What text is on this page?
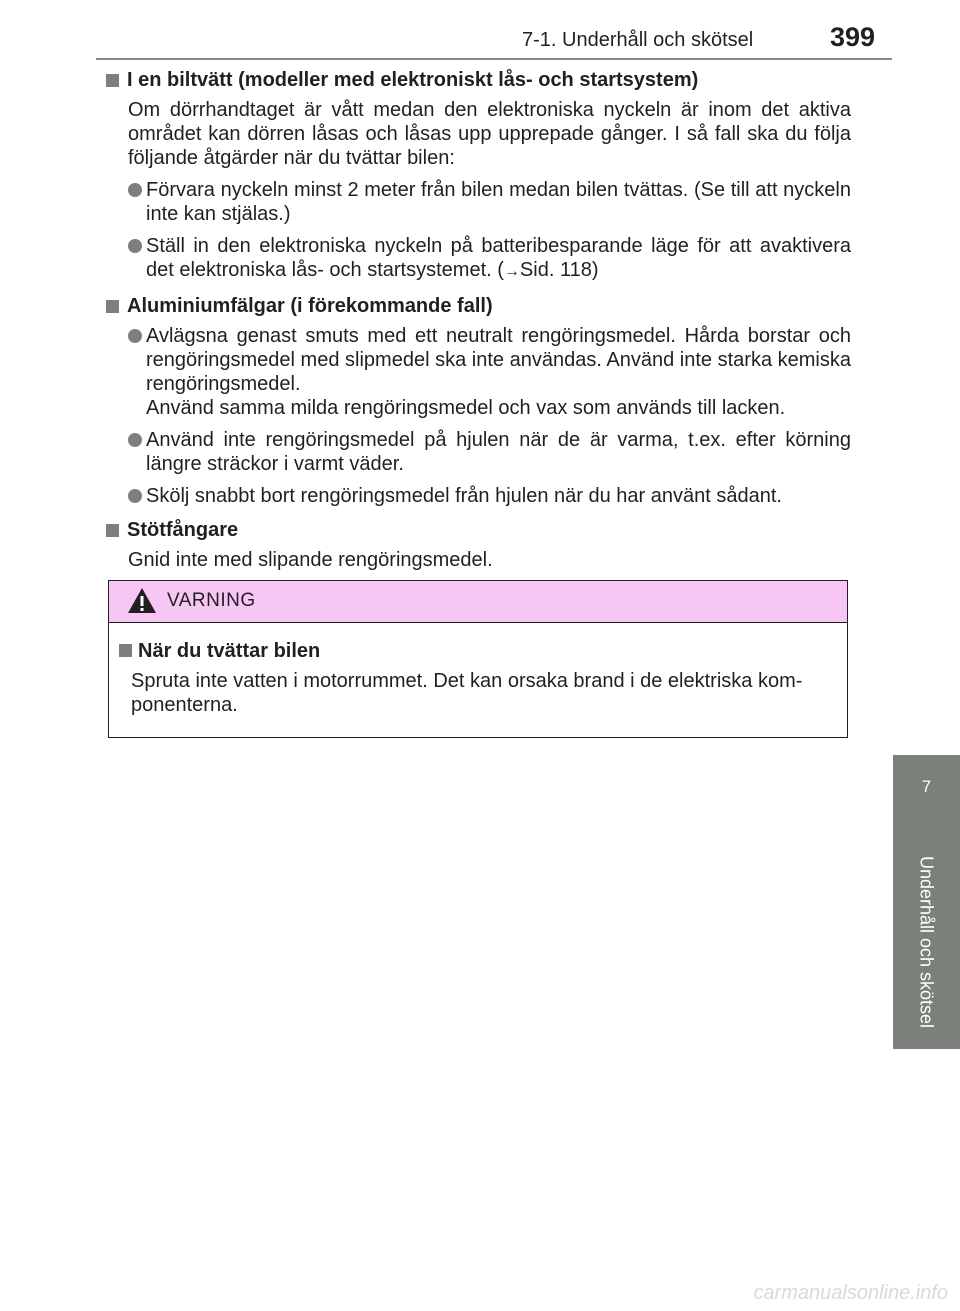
7-1. Underhåll och skötsel	399
7
Underhåll och skötsel
I en biltvätt (modeller med elektroniskt lås- och startsystem)
Om dörrhandtaget är vått medan den elektroniska nyckeln är inom det aktiva området kan dörren låsas och låsas upp upprepade gånger. I så fall ska du följa följande åtgärder när du tvättar bilen:
Förvara nyckeln minst 2 meter från bilen medan bilen tvättas. (Se till att nyckeln inte kan stjälas.)
Ställ in den elektroniska nyckeln på batteribesparande läge för att avaktivera det elektroniska lås- och startsystemet. (→Sid. 118)
Aluminiumfälgar (i förekommande fall)
Avlägsna genast smuts med ett neutralt rengöringsmedel. Hårda borstar och rengöringsmedel med slipmedel ska inte användas. Använd inte starka kemiska rengöringsmedel.
Använd samma milda rengöringsmedel och vax som används till lacken.
Använd inte rengöringsmedel på hjulen när de är varma, t.ex. efter körning längre sträckor i varmt väder.
Skölj snabbt bort rengöringsmedel från hjulen när du har använt sådant.
Stötfångare
Gnid inte med slipande rengöringsmedel.
VARNING
När du tvättar bilen
Spruta inte vatten i motorrummet. Det kan orsaka brand i de elektriska kom-ponenterna.
carmanualsonline.info
